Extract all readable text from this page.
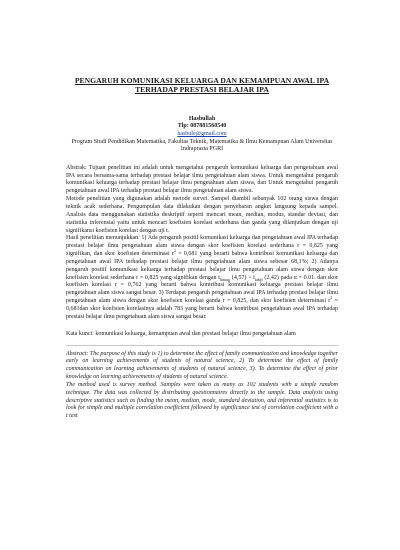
PENGARUH KOMUNIKASI KELUARGA DAN KEMAMPUAN AWAL IPA TERHADAP PRESTASI BELAJAR IPA
Hasbullah
Tlp: 087881560540
hasbule@gmail.com
Program Studi Pendidikan Matematika, Fakultas Teknik, Matematika & Ilmu Kemampuan Alam Universitas Indraprasta PGRI

Abstrak: Tujuan penelitian ini adalah untuk mengetahui pengaruh komunikasi keluarga dan pengetahuan awal IPA secara bersama-sama terhadap prestasi belajar ilmu pengetahuan alam siswa. Untuk mengetahui pengaruh komunikasi keluarga terhadap prestasi belajar ilmu pengetahuan alam siswa, dan Untuk mengetahui pengaruh pengetahuan awal IPA terhadap prestasi belajar ilmu pengetahuan alam siswa.

Metode penelitian yang digunakan adalah metode survei. Sampel diambil sebanyak 102 orang siswa dengan teknik acak sederhana. Pengumpulan data dilakukan dengan penyebaran angket langsung kepada sampel. Analisis data menggunakan statistika deskriptif seperti mencari mean, median, modus, standar deviasi, dan statistika inferensial yaitu untuk mencari koefisien korelasi sederhana dan ganda yang dilanjutkan dengan uji signifikansi koefisien korelasi dengan uji t.

Hasil penelitian menunjukkan: 1) Ada pengaruh positif komunikasi keluarga dan pengetahuan awal IPA terhadap prestasi belajar ilmu pengetahuan alam siswa dengan skor koefisien korelasi sederhana r = 0,825 yang signifikan, dan skor koefisien determinasi $r^2 = 0,681$ yang berarti bahwa kontribusi komunikasi keluarga dan pengetahuan awal IPA terhadap prestasi belajar ilmu pengetahuan alam siswa sebesar 68,1%; 2) Adanya pengaruh positif komunikasi keluarga terhadap prestasi belajar ilmu pengetahuan alam siswa dengan skor koefisien korelasi sederhana r = 0,825 yang signifikan dengan $t_{hitung}$ $(4,57) > t_{tabel}$ (2,42) pada α = 0.01. dan skor koefisien korelasi r = 0,762 yang berarti bahwa kontribusi komunikasi keluarga prestasi belajar ilmu pengetahuan alam siswa sangat besar. 3) Terdapat pengaruh pengetahuan awal IPA terhadap prestasi belajar ilmu pengetahuan alam siswa dengan skor koefisien korelasi ganda r = 0,825, dan skor koefisien determinasi $r^2 = 0,681dan$ skor koefisien korelasinya adalah 783 yang berarti bahwa kontribusi pengetahuan awal IPA terhadap prestasi belajar ilmu pengetahuan alam siswa sangat besar.

Kata kunci: komunikasi keluarga, kemampuan awal dan prestasi belajar ilmu pengetahuan alam

Abstract: The purpose of this study is 1) to determine the effect of family communication and knowledge together early on learning achievements of students of natural science, 2) To determine the effect of family communication on learning achievements of students of natural science, 3). To determine the effect of prior knowledge on learning achievements of students of natural science.

The method used is survey method. Samples were taken as many as 102 students with a simple random technique. The data was collected by distributing questionnaires directly to the sample. Data analysis using descriptive statistics such as finding the mean, median, mode, standard deviation, and inferential statistics is to look for simple and multiple correlation coefficient followed by significance test of correlation coefficient with a t test
